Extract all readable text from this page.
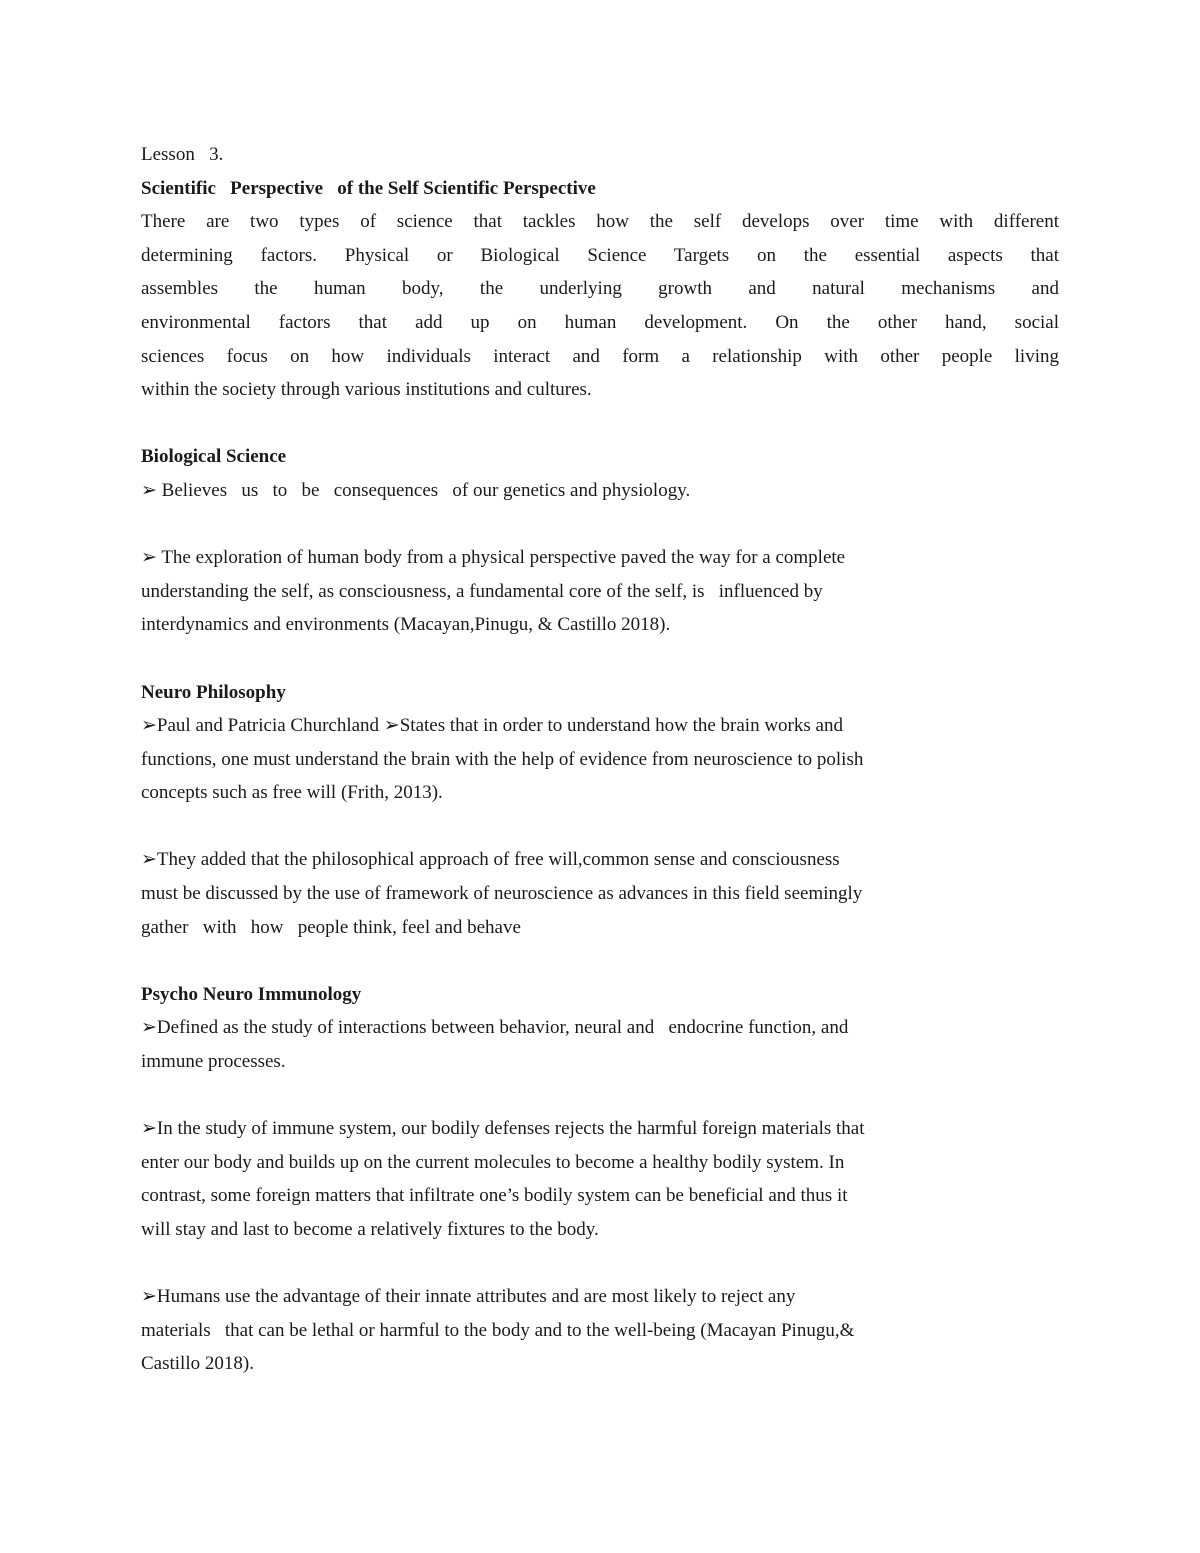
Lesson   3.
Scientific   Perspective   of the Self Scientific Perspective
There are two types of science that tackles how the self develops over time with different
determining factors. Physical or Biological Science Targets on the essential aspects that
assembles the human body, the underlying growth and natural mechanisms and
environmental factors that add up on human development. On the other hand, social
sciences focus on how individuals interact and form a relationship with other people living
within the society through various institutions and cultures.
Biological Science
➢ Believes   us   to   be   consequences   of our genetics and physiology.
➢ The exploration of human body from a physical perspective paved the way for a complete
understanding the self, as consciousness, a fundamental core of the self, is   influenced by
interdynamics and environments (Macayan,Pinugu, & Castillo 2018).
Neuro Philosophy
➢Paul and Patricia Churchland ➢States that in order to understand how the brain works and
functions, one must understand the brain with the help of evidence from neuroscience to polish
concepts such as free will (Frith, 2013).
➢They added that the philosophical approach of free will,common sense and consciousness
must be discussed by the use of framework of neuroscience as advances in this field seemingly
gather   with   how   people think, feel and behave
Psycho Neuro Immunology
➢Defined as the study of interactions between behavior, neural and   endocrine function, and
immune processes.
➢In the study of immune system, our bodily defenses rejects the harmful foreign materials that
enter our body and builds up on the current molecules to become a healthy bodily system. In
contrast, some foreign matters that infiltrate one’s bodily system can be beneficial and thus it
will stay and last to become a relatively fixtures to the body.
➢Humans use the advantage of their innate attributes and are most likely to reject any
materials   that can be lethal or harmful to the body and to the well-being (Macayan Pinugu,&
Castillo 2018).
